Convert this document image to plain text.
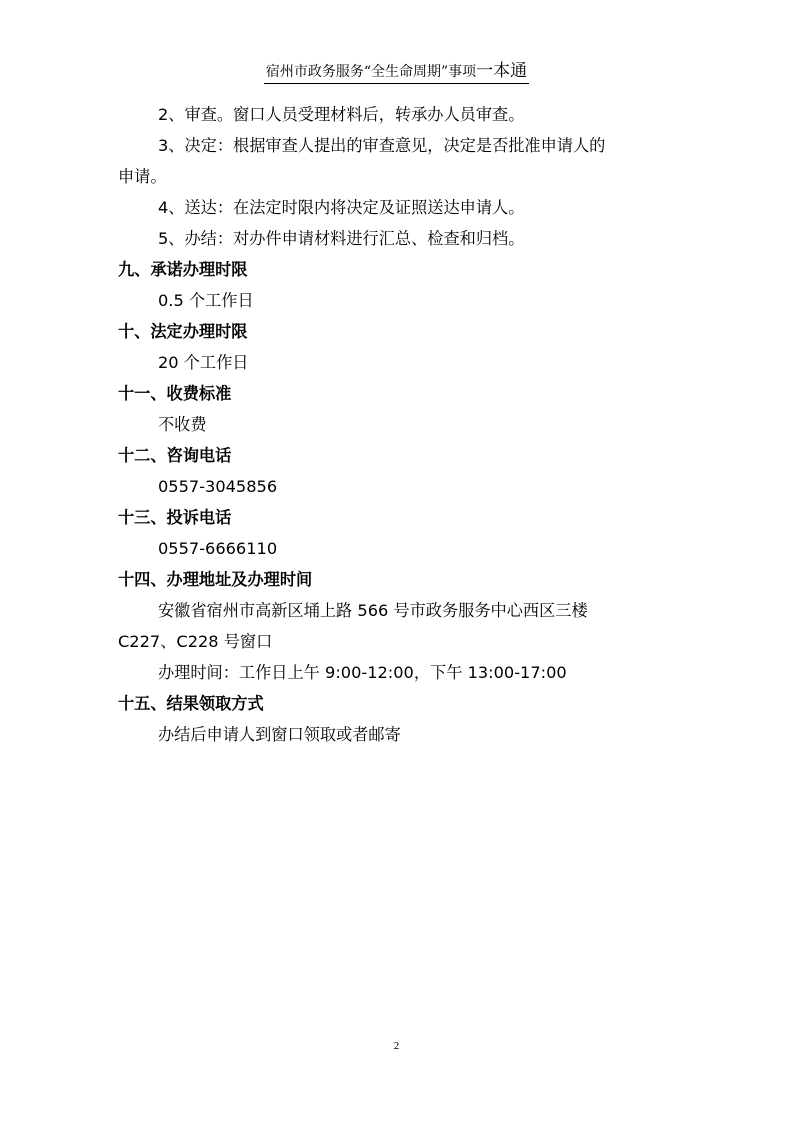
宿州市政务服务“全生命周期”事项一本通

2、审查。窗口人员受理材料后，转承办人员审查。

3、决定：根据审查人提出的审查意见，决定是否批准申请人的

申请。

4、送达：在法定时限内将决定及证照送达申请人。

5、办结：对办件申请材料进行汇总、检查和归档。

九、承诺办理时限

0.5 个工作日

十、法定办理时限

20 个工作日

十一、收费标准

不收费

十二、咨询电话

0557-3045856

十三、投诉电话

0557-6666110

十四、办理地址及办理时间

安徽省宿州市高新区埇上路 566 号市政务服务中心西区三楼

C227、C228 号窗口

办理时间：工作日上午 9:00-12:00，下午 13:00-17:00

十五、结果领取方式

办结后申请人到窗口领取或者邮寄

2
